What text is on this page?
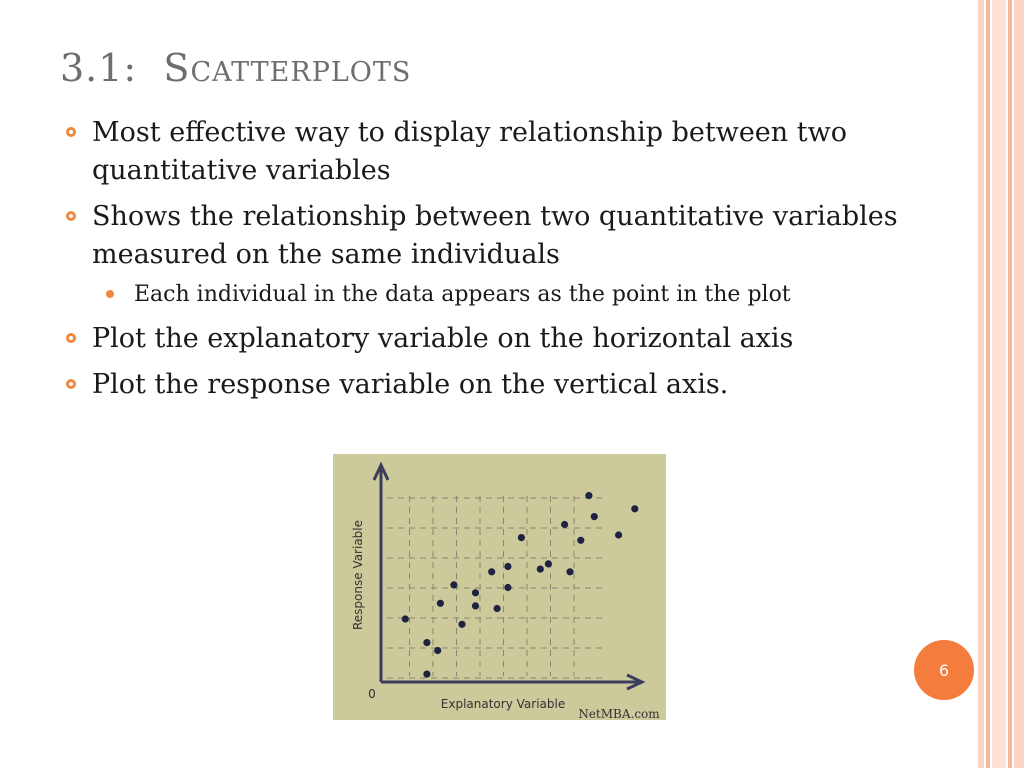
3.1: Scatterplots
Most effective way to display relationship between two quantitative variables
Shows the relationship between two quantitative variables measured on the same individuals
Each individual in the data appears as the point in the plot
Plot the explanatory variable on the horizontal axis
Plot the response variable on the vertical axis.
0
Explanatory Variable
Response Variable
NetMBA.com
6
